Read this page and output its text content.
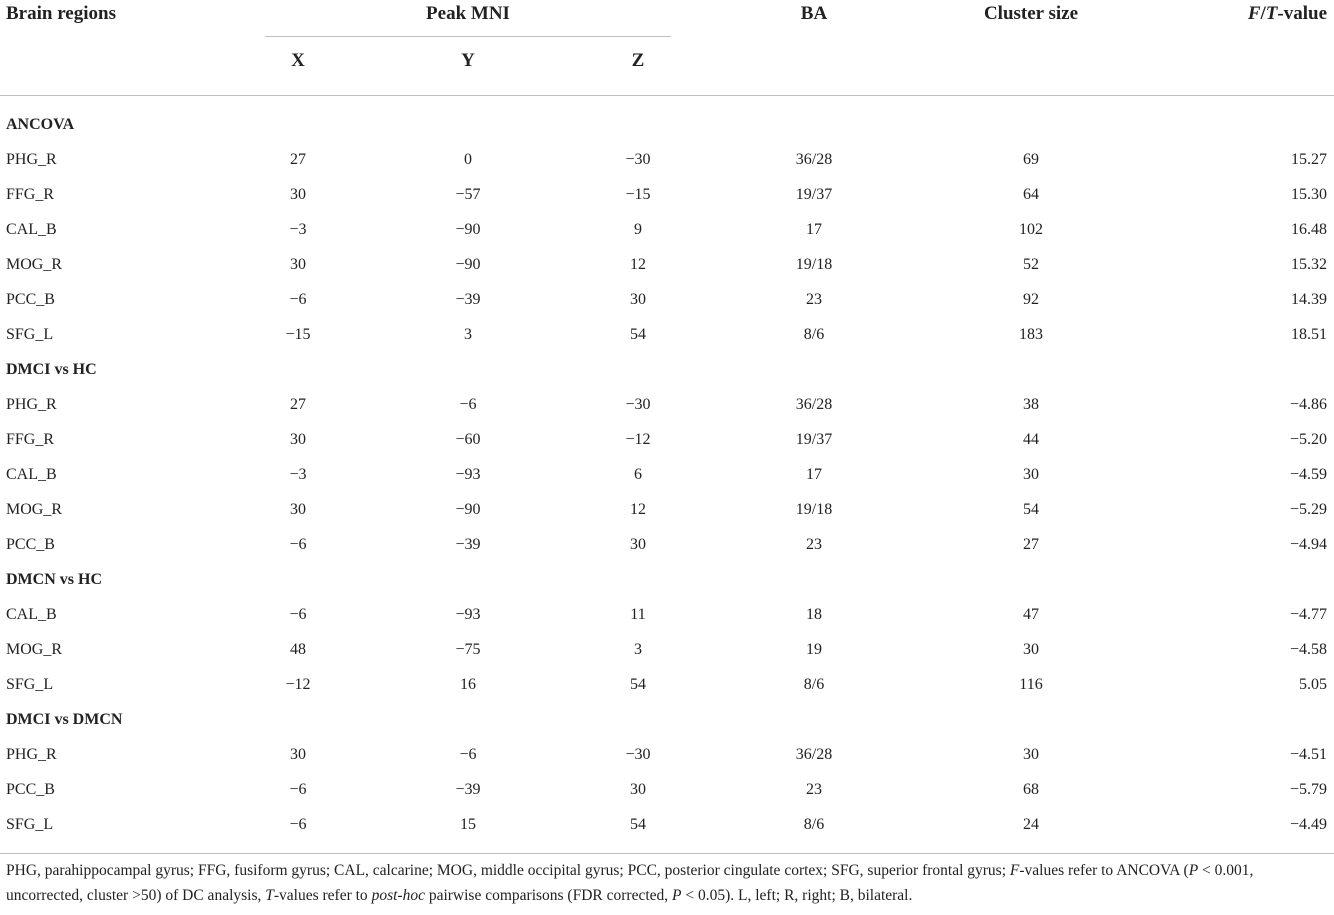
Brain regions	Peak MNI
X	Y	Z
BA	Cluster size	F/T-value
ANCOVA
PHG_R	27	0	−30	36/28	69	15.27
FFG_R	30	−57	−15	19/37	64	15.30
CAL_B	−3	−90	9	17	102	16.48
MOG_R	30	−90	12	19/18	52	15.32
PCC_B	−6	−39	30	23	92	14.39
SFG_L	−15	3	54	8/6	183	18.51
DMCI vs HC
PHG_R	27	−6	−30	36/28	38	−4.86
FFG_R	30	−60	−12	19/37	44	−5.20
CAL_B	−3	−93	6	17	30	−4.59
MOG_R	30	−90	12	19/18	54	−5.29
PCC_B	−6	−39	30	23	27	−4.94
DMCN vs HC
CAL_B	−6	−93	11	18	47	−4.77
MOG_R	48	−75	3	19	30	−4.58
SFG_L	−12	16	54	8/6	116	5.05
DMCI vs DMCN
PHG_R	30	−6	−30	36/28	30	−4.51
PCC_B	−6	−39	30	23	68	−5.79
SFG_L	−6	15	54	8/6	24	−4.49
PHG, parahippocampal gyrus; FFG, fusiform gyrus; CAL, calcarine; MOG, middle occipital gyrus; PCC, posterior cingulate cortex; SFG, superior frontal gyrus; F-values refer to ANCOVA (P < 0.001, uncorrected, cluster >50) of DC analysis, T-values refer to post-hoc pairwise comparisons (FDR corrected, P < 0.05). L, left; R, right; B, bilateral.
